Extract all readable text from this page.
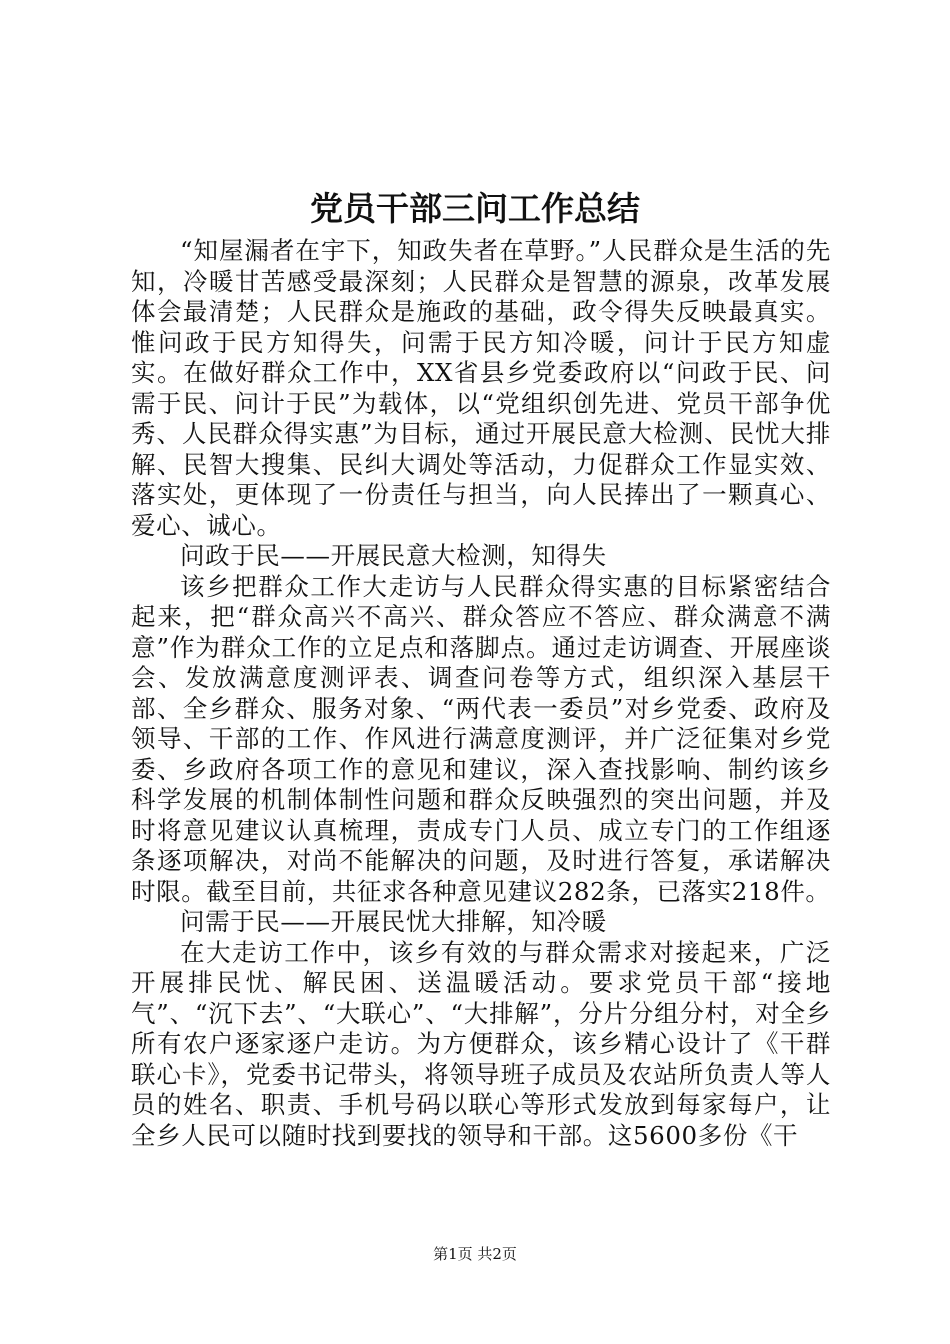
党员干部三问工作总结

“知屋漏者在宇下，知政失者在草野。”人民群众是生活的先知，冷暖甘苦感受最深刻；人民群众是智慧的源泉，改革发展体会最清楚；人民群众是施政的基础，政令得失反映最真实。惟问政于民方知得失，问需于民方知冷暖，问计于民方知虚实。在做好群众工作中，XX省县乡党委政府以“问政于民、问需于民、问计于民”为载体，以“党组织创先进、党员干部争优秀、人民群众得实惠”为目标，通过开展民意大检测、民忧大排解、民智大搜集、民纠大调处等活动，力促群众工作显实效、落实处，更体现了一份责任与担当，向人民捧出了一颗真心、爱心、诚心。

问政于民——开展民意大检测，知得失

该乡把群众工作大走访与人民群众得实惠的目标紧密结合起来，把“群众高兴不高兴、群众答应不答应、群众满意不满意”作为群众工作的立足点和落脚点。通过走访调查、开展座谈会、发放满意度测评表、调查问卷等方式，组织深入基层干部、全乡群众、服务对象、“两代表一委员”对乡党委、政府及领导、干部的工作、作风进行满意度测评，并广泛征集对乡党委、乡政府各项工作的意见和建议，深入查找影响、制约该乡科学发展的机制体制性问题和群众反映强烈的突出问题，并及时将意见建议认真梳理，责成专门人员、成立专门的工作组逐条逐项解决，对尚不能解决的问题，及时进行答复，承诺解决时限。截至目前，共征求各种意见建议282条，已落实218件。

问需于民——开展民忧大排解，知冷暖

在大走访工作中，该乡有效的与群众需求对接起来，广泛开展排民忧、解民困、送温暖活动。要求党员干部“接地气”、“沉下去”、“大联心”、“大排解”，分片分组分村，对全乡所有农户逐家逐户走访。为方便群众，该乡精心设计了《干群联心卡》，党委书记带头，将领导班子成员及农站所负责人等人员的姓名、职责、手机号码以联心等形式发放到每家每户，让全乡人民可以随时找到要找的领导和干部。这5600多份《干

第1页 共2页
